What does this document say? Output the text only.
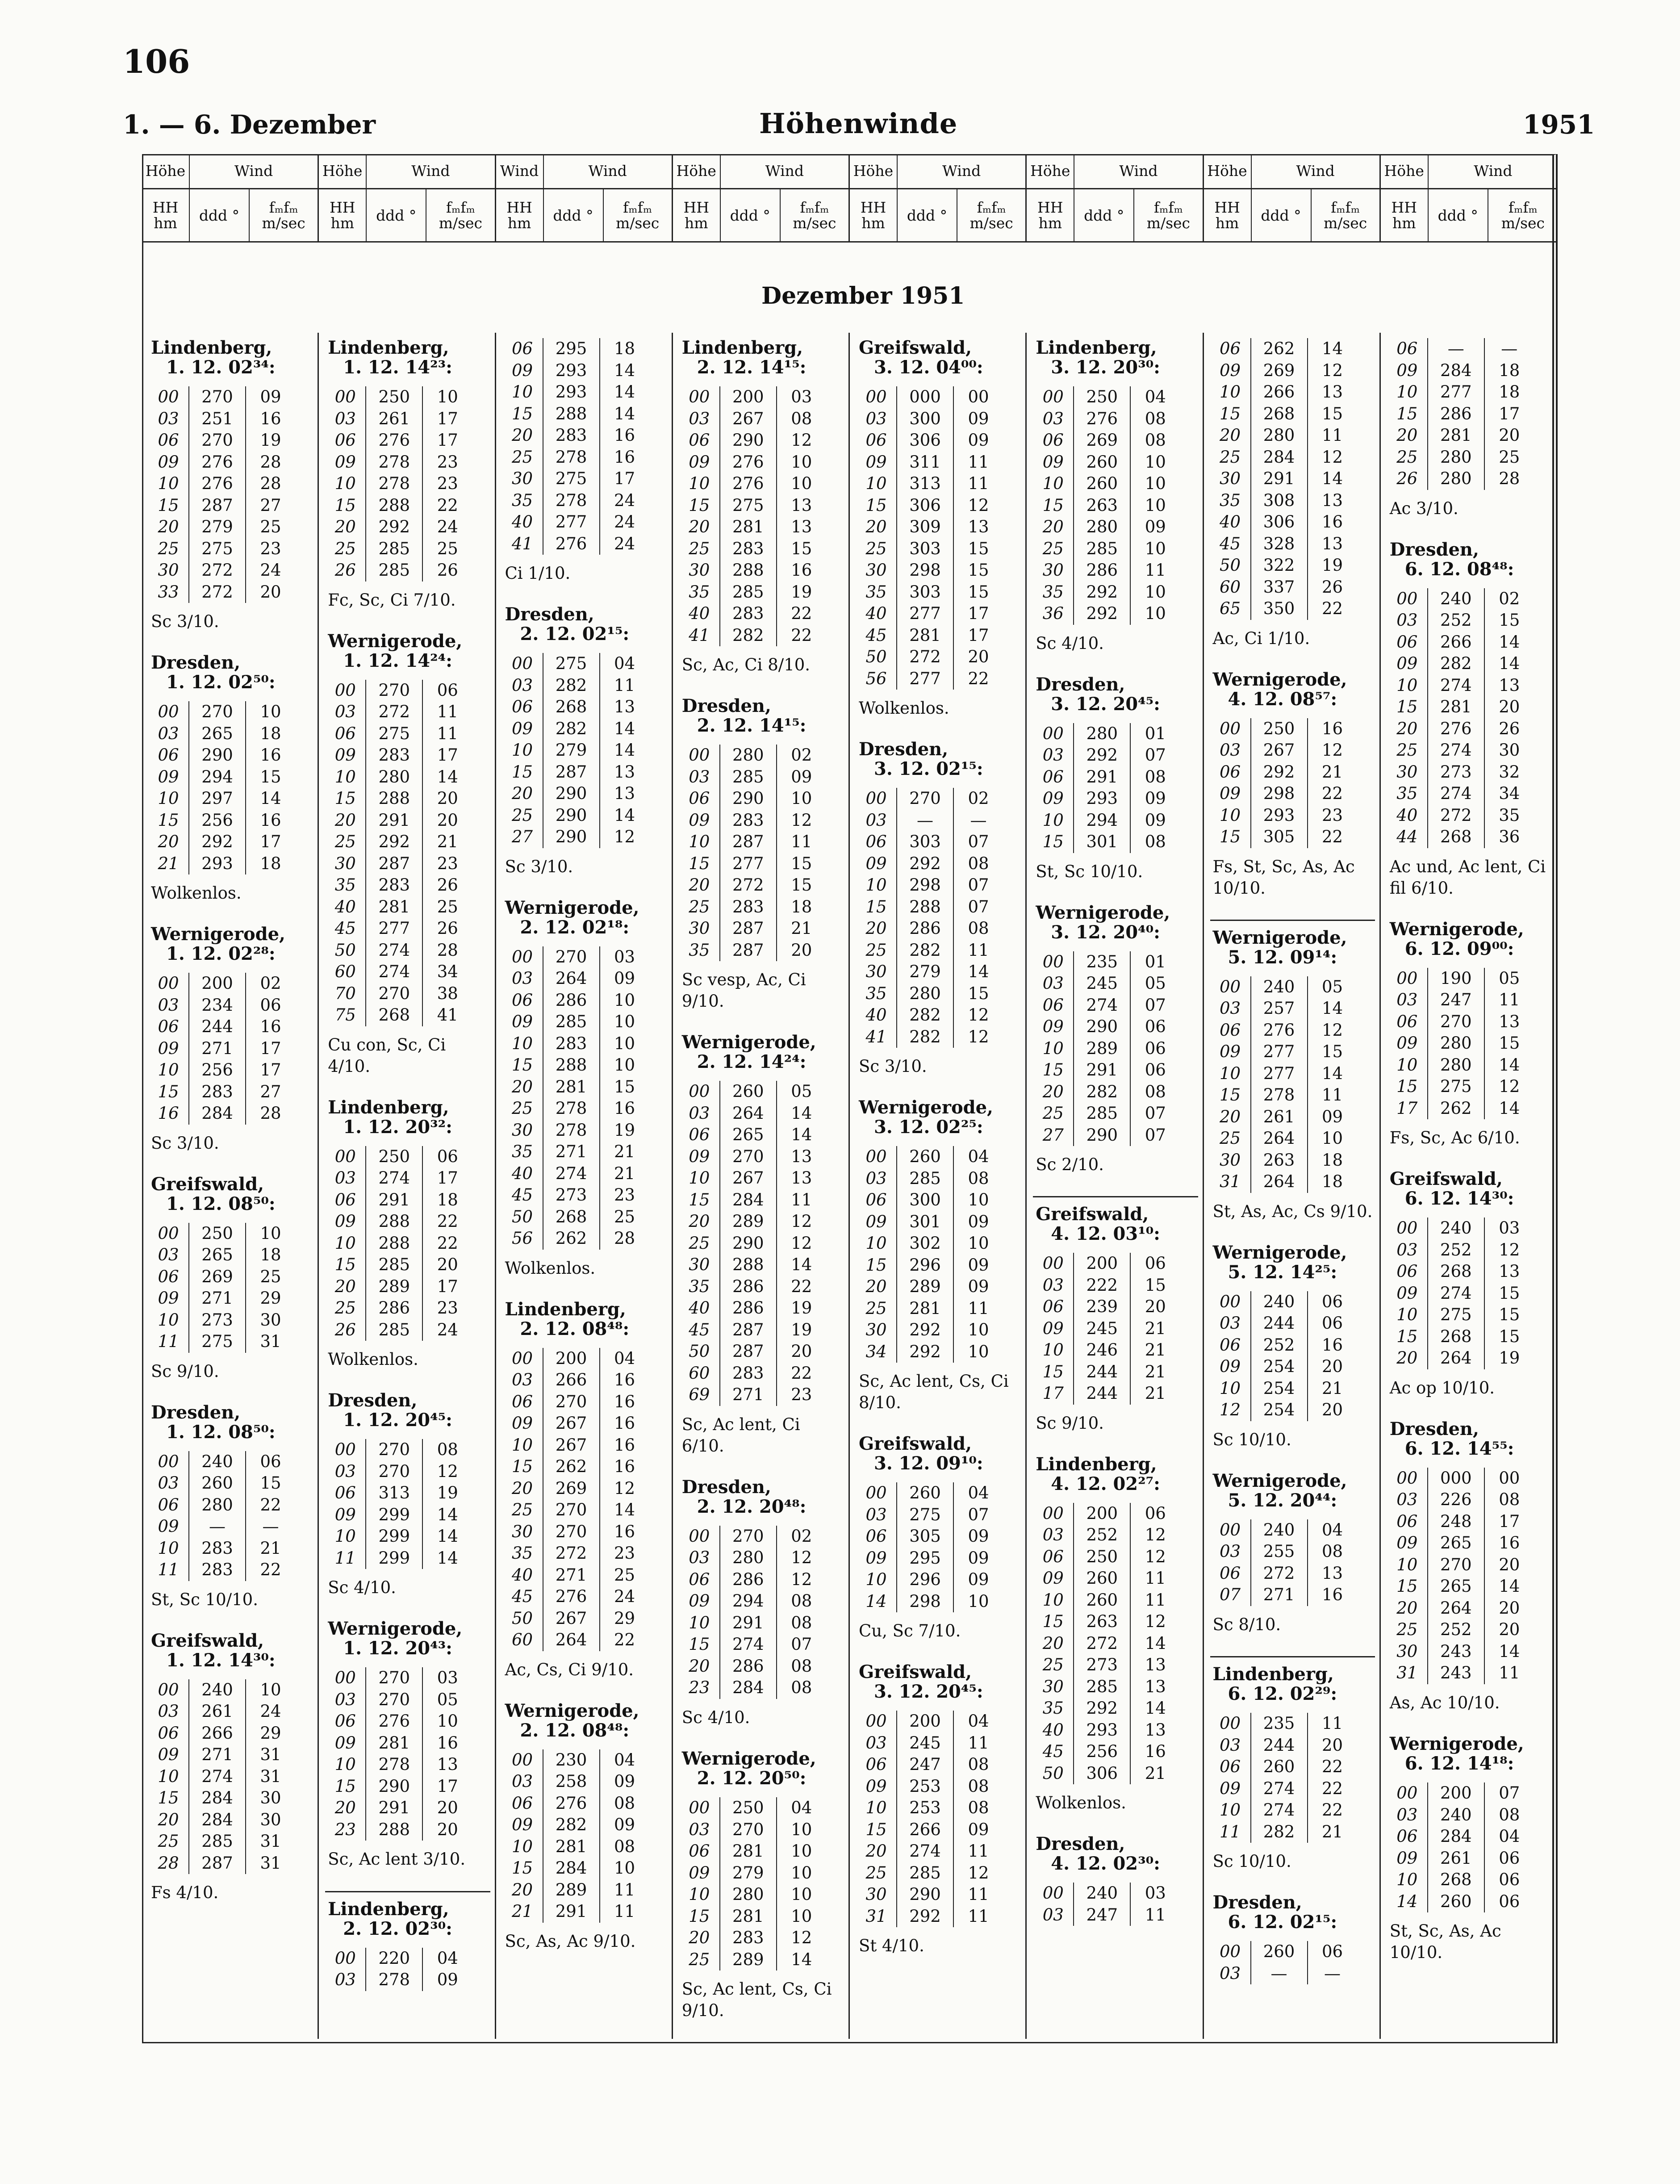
106
1. — 6. Dezember	Höhenwinde	1951
Höhe	Wind
HH hm	ddd °	fₘfₘ m/sec
Höhe	Wind
HH hm	ddd °	fₘfₘ m/sec
Wind	Wind
HH hm	ddd °	fₘfₘ m/sec
Höhe	Wind
HH hm	ddd °	fₘfₘ m/sec
Höhe	Wind
HH hm	ddd °	fₘfₘ m/sec
Höhe	Wind
HH hm	ddd °	fₘfₘ m/sec
Höhe	Wind
HH hm	ddd °	fₘfₘ m/sec
Höhe	Wind
HH hm	ddd °	fₘfₘ m/sec
Dezember 1951
Lindenberg,
1. 12. 02³⁴:
00	270	09
03	251	16
06	270	19
09	276	28
10	276	28
15	287	27
20	279	25
25	275	23
30	272	24
33	272	20
Sc 3/10.
Dresden,
1. 12. 02⁵⁰:
00	270	10
03	265	18
06	290	16
09	294	15
10	297	14
15	256	16
20	292	17
21	293	18
Wolkenlos.
Wernigerode,
1. 12. 02²⁸:
00	200	02
03	234	06
06	244	16
09	271	17
10	256	17
15	283	27
16	284	28
Sc 3/10.
Greifswald,
1. 12. 08⁵⁰:
00	250	10
03	265	18
06	269	25
09	271	29
10	273	30
11	275	31
Sc 9/10.
Dresden,
1. 12. 08⁵⁰:
00	240	06
03	260	15
06	280	22
09	—	—
10	283	21
11	283	22
St, Sc 10/10.
Greifswald,
1. 12. 14³⁰:
00	240	10
03	261	24
06	266	29
09	271	31
10	274	31
15	284	30
20	284	30
25	285	31
28	287	31
Fs 4/10.
Lindenberg,
1. 12. 14²³:
00	250	10
03	261	17
06	276	17
09	278	23
10	278	23
15	288	22
20	292	24
25	285	25
26	285	26
Fc, Sc, Ci 7/10.
Wernigerode,
1. 12. 14²⁴:
00	270	06
03	272	11
06	275	11
09	283	17
10	280	14
15	288	20
20	291	20
25	292	21
30	287	23
35	283	26
40	281	25
45	277	26
50	274	28
60	274	34
70	270	38
75	268	41
Cu con, Sc, Ci 4/10.
Lindenberg,
1. 12. 20³²:
00	250	06
03	274	17
06	291	18
09	288	22
10	288	22
15	285	20
20	289	17
25	286	23
26	285	24
Wolkenlos.
Dresden,
1. 12. 20⁴⁵:
00	270	08
03	270	12
06	313	19
09	299	14
10	299	14
11	299	14
Sc 4/10.
Wernigerode,
1. 12. 20⁴³:
00	270	03
03	270	05
06	276	10
09	281	16
10	278	13
15	290	17
20	291	20
23	288	20
Sc, Ac lent 3/10.
Lindenberg,
2. 12. 02³⁰:
00	220	04
03	278	09
06	295	18
09	293	14
10	293	14
15	288	14
20	283	16
25	278	16
30	275	17
35	278	24
40	277	24
41	276	24
Ci 1/10.
Dresden,
2. 12. 02¹⁵:
00	275	04
03	282	11
06	268	13
09	282	14
10	279	14
15	287	13
20	290	13
25	290	14
27	290	12
Sc 3/10.
Wernigerode,
2. 12. 02¹⁸:
00	270	03
03	264	09
06	286	10
09	285	10
10	283	10
15	288	10
20	281	15
25	278	16
30	278	19
35	271	21
40	274	21
45	273	23
50	268	25
56	262	28
Wolkenlos.
Lindenberg,
2. 12. 08⁴⁸:
00	200	04
03	266	16
06	270	16
09	267	16
10	267	16
15	262	16
20	269	12
25	270	14
30	270	16
35	272	23
40	271	25
45	276	24
50	267	29
60	264	22
Ac, Cs, Ci 9/10.
Wernigerode,
2. 12. 08⁴⁸:
00	230	04
03	258	09
06	276	08
09	282	09
10	281	08
15	284	10
20	289	11
21	291	11
Sc, As, Ac 9/10.
Lindenberg,
2. 12. 14¹⁵:
00	200	03
03	267	08
06	290	12
09	276	10
10	276	10
15	275	13
20	281	13
25	283	15
30	288	16
35	285	19
40	283	22
41	282	22
Sc, Ac, Ci 8/10.
Dresden,
2. 12. 14¹⁵:
00	280	02
03	285	09
06	290	10
09	283	12
10	287	11
15	277	15
20	272	15
25	283	18
30	287	21
35	287	20
Sc vesp, Ac, Ci 9/10.
Wernigerode,
2. 12. 14²⁴:
00	260	05
03	264	14
06	265	14
09	270	13
10	267	13
15	284	11
20	289	12
25	290	12
30	288	14
35	286	22
40	286	19
45	287	19
50	287	20
60	283	22
69	271	23
Sc, Ac lent, Ci 6/10.
Dresden,
2. 12. 20⁴⁸:
00	270	02
03	280	12
06	286	12
09	294	08
10	291	08
15	274	07
20	286	08
23	284	08
Sc 4/10.
Wernigerode,
2. 12. 20⁵⁰:
00	250	04
03	270	10
06	281	10
09	279	10
10	280	10
15	281	10
20	283	12
25	289	14
Sc, Ac lent, Cs, Ci 9/10.
Greifswald,
3. 12. 04⁰⁰:
00	000	00
03	300	09
06	306	09
09	311	11
10	313	11
15	306	12
20	309	13
25	303	15
30	298	15
35	303	15
40	277	17
45	281	17
50	272	20
56	277	22
Wolkenlos.
Dresden,
3. 12. 02¹⁵:
00	270	02
03	—	—
06	303	07
09	292	08
10	298	07
15	288	07
20	286	08
25	282	11
30	279	14
35	280	15
40	282	12
41	282	12
Sc 3/10.
Wernigerode,
3. 12. 02²⁵:
00	260	04
03	285	08
06	300	10
09	301	09
10	302	10
15	296	09
20	289	09
25	281	11
30	292	10
34	292	10
Sc, Ac lent, Cs, Ci 8/10.
Greifswald,
3. 12. 09¹⁰:
00	260	04
03	275	07
06	305	09
09	295	09
10	296	09
14	298	10
Cu, Sc 7/10.
Greifswald,
3. 12. 20⁴⁵:
00	200	04
03	245	11
06	247	08
09	253	08
10	253	08
15	266	09
20	274	11
25	285	12
30	290	11
31	292	11
St 4/10.
Lindenberg,
3. 12. 20³⁰:
00	250	04
03	276	08
06	269	08
09	260	10
10	260	10
15	263	10
20	280	09
25	285	10
30	286	11
35	292	10
36	292	10
Sc 4/10.
Dresden,
3. 12. 20⁴⁵:
00	280	01
03	292	07
06	291	08
09	293	09
10	294	09
15	301	08
St, Sc 10/10.
Wernigerode,
3. 12. 20⁴⁰:
00	235	01
03	245	05
06	274	07
09	290	06
10	289	06
15	291	06
20	282	08
25	285	07
27	290	07
Sc 2/10.
Greifswald,
4. 12. 03¹⁰:
00	200	06
03	222	15
06	239	20
09	245	21
10	246	21
15	244	21
17	244	21
Sc 9/10.
Lindenberg,
4. 12. 02²⁷:
00	200	06
03	252	12
06	250	12
09	260	11
10	260	11
15	263	12
20	272	14
25	273	13
30	285	13
35	292	14
40	293	13
45	256	16
50	306	21
Wolkenlos.
Dresden,
4. 12. 02³⁰:
00	240	03
03	247	11
06	262	14
09	269	12
10	266	13
15	268	15
20	280	11
25	284	12
30	291	14
35	308	13
40	306	16
45	328	13
50	322	19
60	337	26
65	350	22
Ac, Ci 1/10.
Wernigerode,
4. 12. 08⁵⁷:
00	250	16
03	267	12
06	292	21
09	298	22
10	293	23
15	305	22
Fs, St, Sc, As, Ac 10/10.
Wernigerode,
5. 12. 09¹⁴:
00	240	05
03	257	14
06	276	12
09	277	15
10	277	14
15	278	11
20	261	09
25	264	10
30	263	18
31	264	18
St, As, Ac, Cs 9/10.
Wernigerode,
5. 12. 14²⁵:
00	240	06
03	244	06
06	252	16
09	254	20
10	254	21
12	254	20
Sc 10/10.
Wernigerode,
5. 12. 20⁴⁴:
00	240	04
03	255	08
06	272	13
07	271	16
Sc 8/10.
Lindenberg,
6. 12. 02²⁹:
00	235	11
03	244	20
06	260	22
09	274	22
10	274	22
11	282	21
Sc 10/10.
Dresden,
6. 12. 02¹⁵:
00	260	06
03	—	—
06	—	—
09	284	18
10	277	18
15	286	17
20	281	20
25	280	25
26	280	28
Ac 3/10.
Dresden,
6. 12. 08⁴⁸:
00	240	02
03	252	15
06	266	14
09	282	14
10	274	13
15	281	20
20	276	26
25	274	30
30	273	32
35	274	34
40	272	35
44	268	36
Ac und, Ac lent, Ci fil 6/10.
Wernigerode,
6. 12. 09⁰⁰:
00	190	05
03	247	11
06	270	13
09	280	15
10	280	14
15	275	12
17	262	14
Fs, Sc, Ac 6/10.
Greifswald,
6. 12. 14³⁰:
00	240	03
03	252	12
06	268	13
09	274	15
10	275	15
15	268	15
20	264	19
Ac op 10/10.
Dresden,
6. 12. 14⁵⁵:
00	000	00
03	226	08
06	248	17
09	265	16
10	270	20
15	265	14
20	264	20
25	252	20
30	243	14
31	243	11
As, Ac 10/10.
Wernigerode,
6. 12. 14¹⁸:
00	200	07
03	240	08
06	284	04
09	261	06
10	268	06
14	260	06
St, Sc, As, Ac 10/10.
